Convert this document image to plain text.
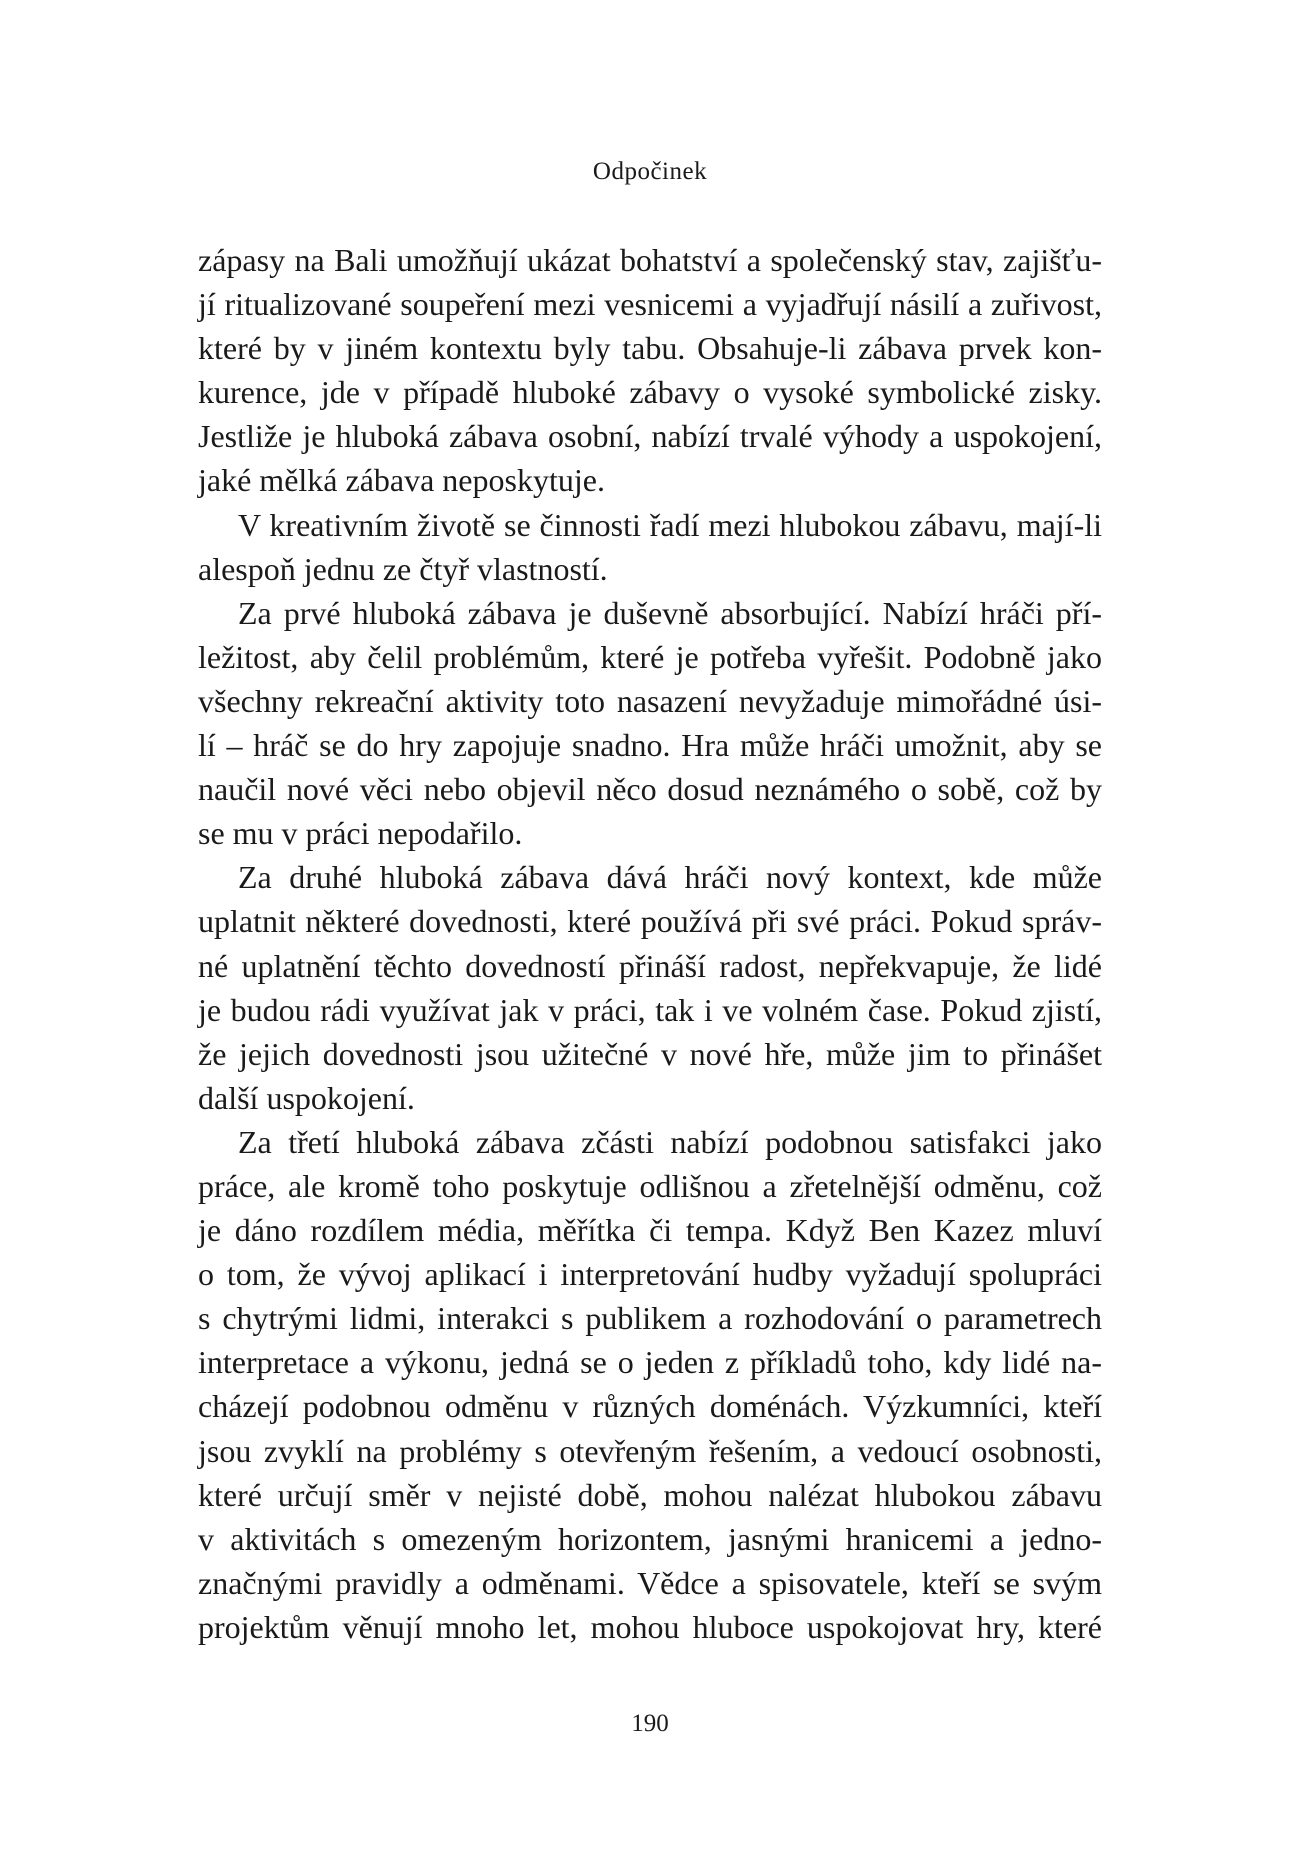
Odpočinek
zápasy na Bali umožňují ukázat bohatství a společenský stav, zajišťu-
jí ritualizované soupeření mezi vesnicemi a vyjadřují násilí a zuřivost,
které by v jiném kontextu byly tabu. Obsahuje-li zábava prvek kon-
kurence, jde v případě hluboké zábavy o vysoké symbolické zisky.
Jestliže je hluboká zábava osobní, nabízí trvalé výhody a uspokojení,
jaké mělká zábava neposkytuje.
V kreativním životě se činnosti řadí mezi hlubokou zábavu, mají-li
alespoň jednu ze čtyř vlastností.
Za prvé hluboká zábava je duševně absorbující. Nabízí hráči pří-
ležitost, aby čelil problémům, které je potřeba vyřešit. Podobně jako
všechny rekreační aktivity toto nasazení nevyžaduje mimořádné úsi-
lí – hráč se do hry zapojuje snadno. Hra může hráči umožnit, aby se
naučil nové věci nebo objevil něco dosud neznámého o sobě, což by
se mu v práci nepodařilo.
Za druhé hluboká zábava dává hráči nový kontext, kde může
uplatnit některé dovednosti, které používá při své práci. Pokud správ-
né uplatnění těchto dovedností přináší radost, nepřekvapuje, že lidé
je budou rádi využívat jak v práci, tak i ve volném čase. Pokud zjistí,
že jejich dovednosti jsou užitečné v nové hře, může jim to přinášet
další uspokojení.
Za třetí hluboká zábava zčásti nabízí podobnou satisfakci jako
práce, ale kromě toho poskytuje odlišnou a zřetelnější odměnu, což
je dáno rozdílem média, měřítka či tempa. Když Ben Kazez mluví
o tom, že vývoj aplikací i interpretování hudby vyžadují spolupráci
s chytrými lidmi, interakci s publikem a rozhodování o parametrech
interpretace a výkonu, jedná se o jeden z příkladů toho, kdy lidé na-
cházejí podobnou odměnu v různých doménách. Výzkumníci, kteří
jsou zvyklí na problémy s otevřeným řešením, a vedoucí osobnosti,
které určují směr v nejisté době, mohou nalézat hlubokou zábavu
v aktivitách s omezeným horizontem, jasnými hranicemi a jedno-
značnými pravidly a odměnami. Vědce a spisovatele, kteří se svým
projektům věnují mnoho let, mohou hluboce uspokojovat hry, které
190
